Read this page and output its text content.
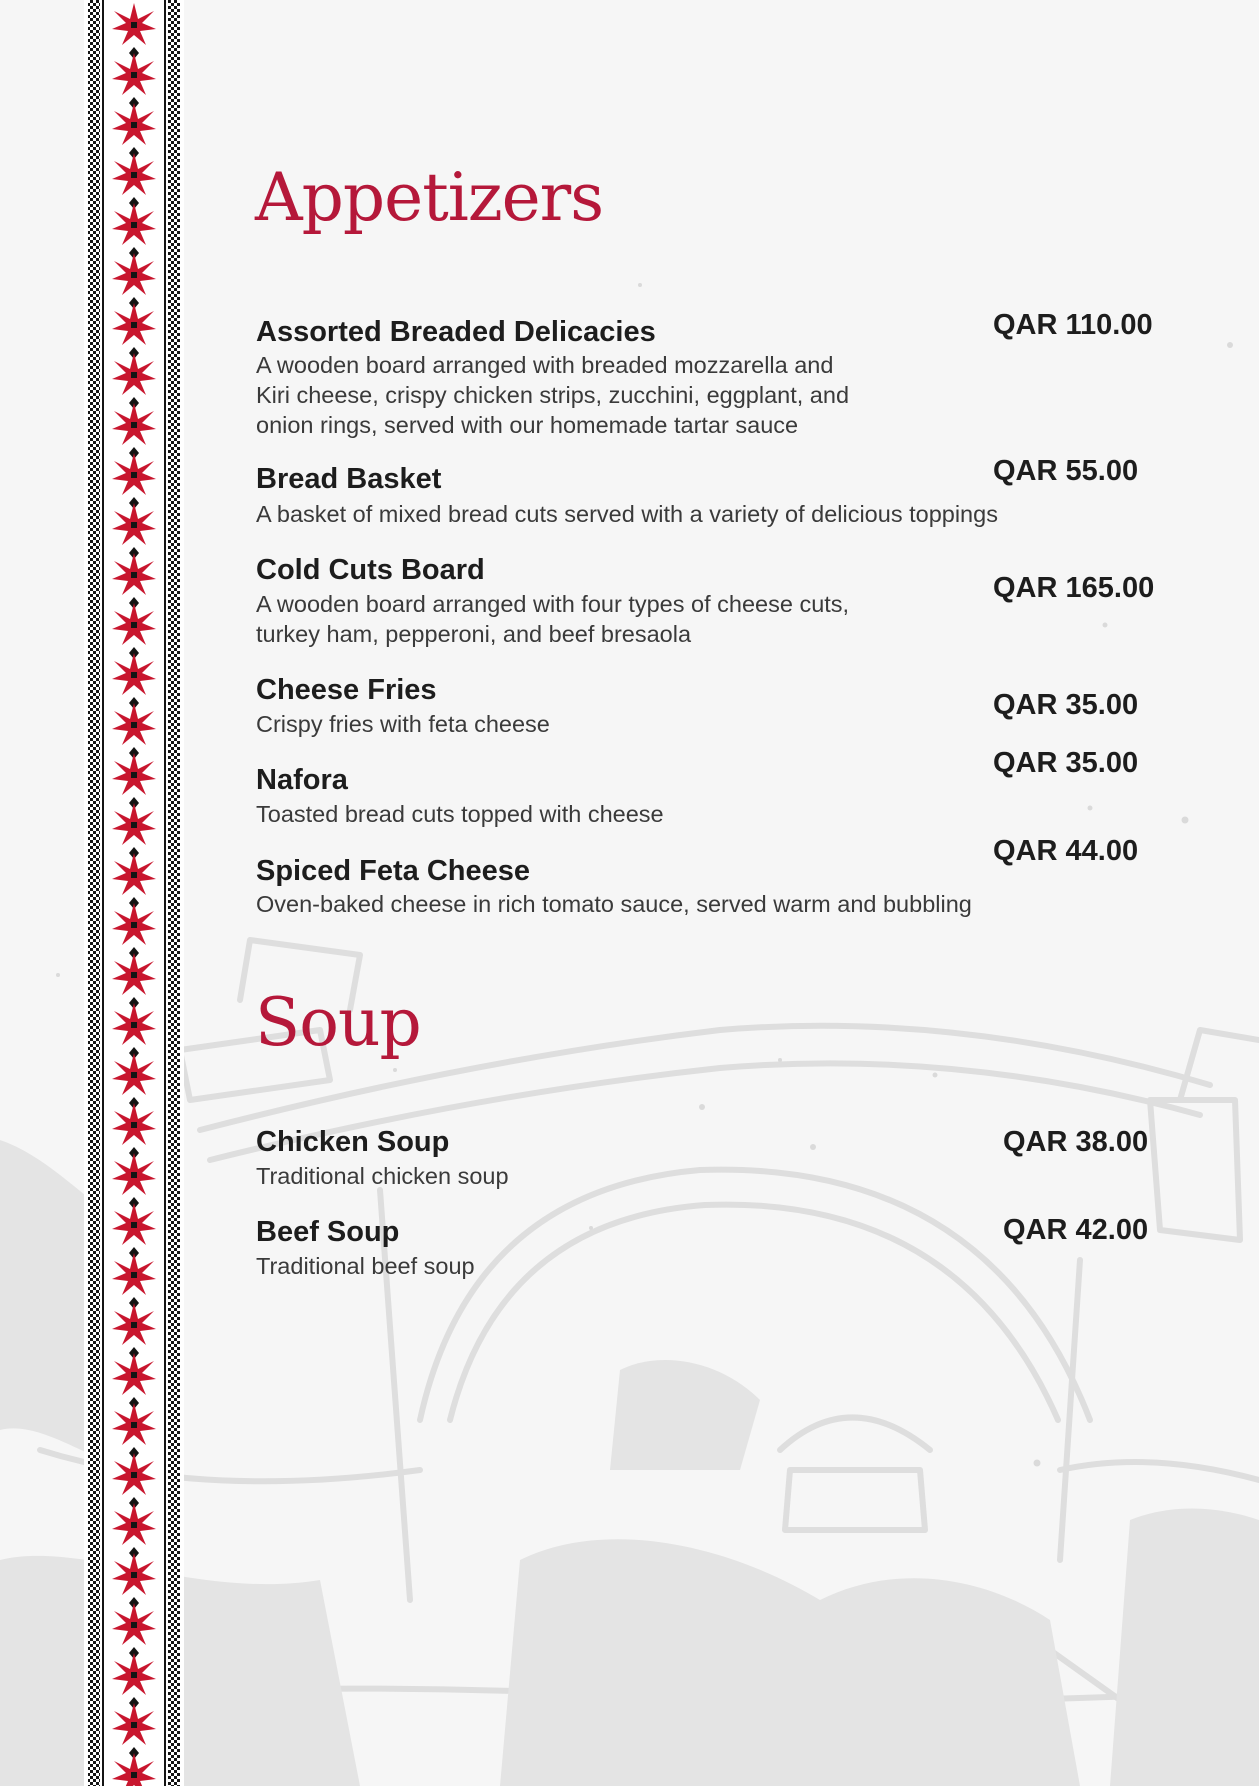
Appetizers
Assorted Breaded Delicacies
A wooden board arranged with breaded mozzarella and
Kiri cheese, crispy chicken strips, zucchini, eggplant, and
onion rings, served with our homemade tartar sauce
QAR 110.00
Bread Basket
A basket of mixed bread cuts served with a variety of delicious toppings
QAR 55.00
Cold Cuts Board
A wooden board arranged with four types of cheese cuts,
turkey ham, pepperoni, and beef bresaola
QAR 165.00
Cheese Fries
Crispy fries with feta cheese
QAR 35.00
Nafora
Toasted bread cuts topped with cheese
QAR 35.00
Spiced Feta Cheese
Oven-baked cheese in rich tomato sauce, served warm and bubbling
QAR 44.00
Soup
Chicken Soup
Traditional chicken soup
QAR 38.00
Beef Soup
Traditional beef soup
QAR 42.00
